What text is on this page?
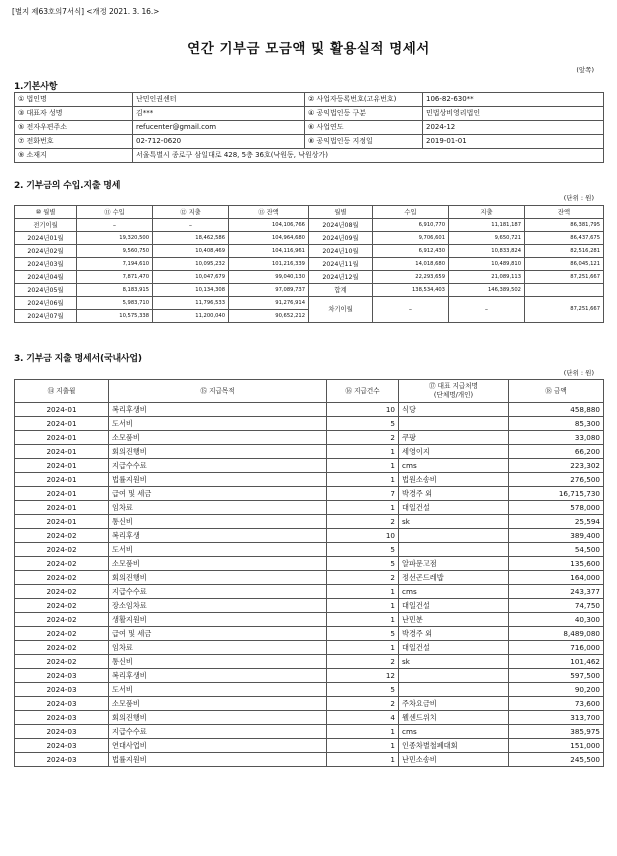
[별지 제63호의7서식] <개정 2021. 3. 16.>
연간 기부금 모금액 및 활용실적 명세서
(앞쪽)
1.기본사항
① 법인명	난민인권센터	② 사업자등록번호(고유번호)	106-82-630**
③ 대표자 성명	김***	④ 공익법인등 구분	민법상비영리법인
⑤ 전자우편주소	refucenter@gmail.com	⑥ 사업연도	2024-12
⑦ 전화번호	02-712-0620	⑧ 공익법인등 지정일	2019-01-01
⑨ 소재지	서울특별시 종로구 삼일대로 428, 5층 36호(낙원동, 낙원상가)		
2. 기부금의 수입.지출 명세
(단위 : 원)
⑩ 월별	⑪ 수입	⑫ 지출	⑬ 잔액	월별	수입	지출	잔액
전기이월	–	–	104,106,766	2024년08월	6,910,770	11,181,187	86,381,795
2024년01월	19,320,500	18,462,586	104,964,680	2024년09월	9,706,601	9,650,721	86,437,675
2024년02월	9,560,750	10,408,469	104,116,961	2024년10월	6,912,430	10,833,824	82,516,281
2024년03월	7,194,610	10,095,232	101,216,339	2024년11월	14,018,680	10,489,810	86,045,121
2024년04월	7,871,470	10,047,679	99,040,130	2024년12월	22,293,659	21,089,113	87,251,667
2024년05월	8,183,915	10,134,308	97,089,737	합계	138,534,403	146,389,502	
2024년06월	5,983,710	11,796,533	91,276,914	차기이월	–	–	87,251,667
2024년07월	10,575,338	11,200,040	90,652,212				
3. 기부금 지출 명세서(국내사업)
(단위 : 원)
⑭ 지출월	⑮ 지급목적	⑯ 지급건수	⑰ 대표 지급처명
(단체명/개인)	⑱ 금액
2024-01	복리후생비	10	식당	458,880
2024-01	도서비	5		85,300
2024-01	소모품비	2	쿠팡	33,080
2024-01	회의진행비	1	세영이지	66,200
2024-01	지급수수료	1	cms	223,302
2024-01	법률지원비	1	법원소송비	276,500
2024-01	급여 및 세금	7	박경주 외	16,715,730
2024-01	임차료	1	대일건설	578,000
2024-01	통신비	2	sk	25,594
2024-02	복리후생	10		389,400
2024-02	도서비	5		54,500
2024-02	소모품비	5	알파문고점	135,600
2024-02	회의진행비	2	정선곤드레밥	164,000
2024-02	지급수수료	1	cms	243,377
2024-02	장소임차료	1	대일건설	74,750
2024-02	생활지원비	1	난민분	40,300
2024-02	급여 및 세금	5	박경주 외	8,489,080
2024-02	임차료	1	대일건설	716,000
2024-02	통신비	2	sk	101,462
2024-03	복리후생비	12		597,500
2024-03	도서비	5		90,200
2024-03	소모품비	2	주차요금비	73,600
2024-03	회의진행비	4	웰센드위치	313,700
2024-03	지급수수료	1	cms	385,975
2024-03	연대사업비	1	인종차별철폐대회	151,000
2024-03	법률지원비	1	난민소송비	245,500
